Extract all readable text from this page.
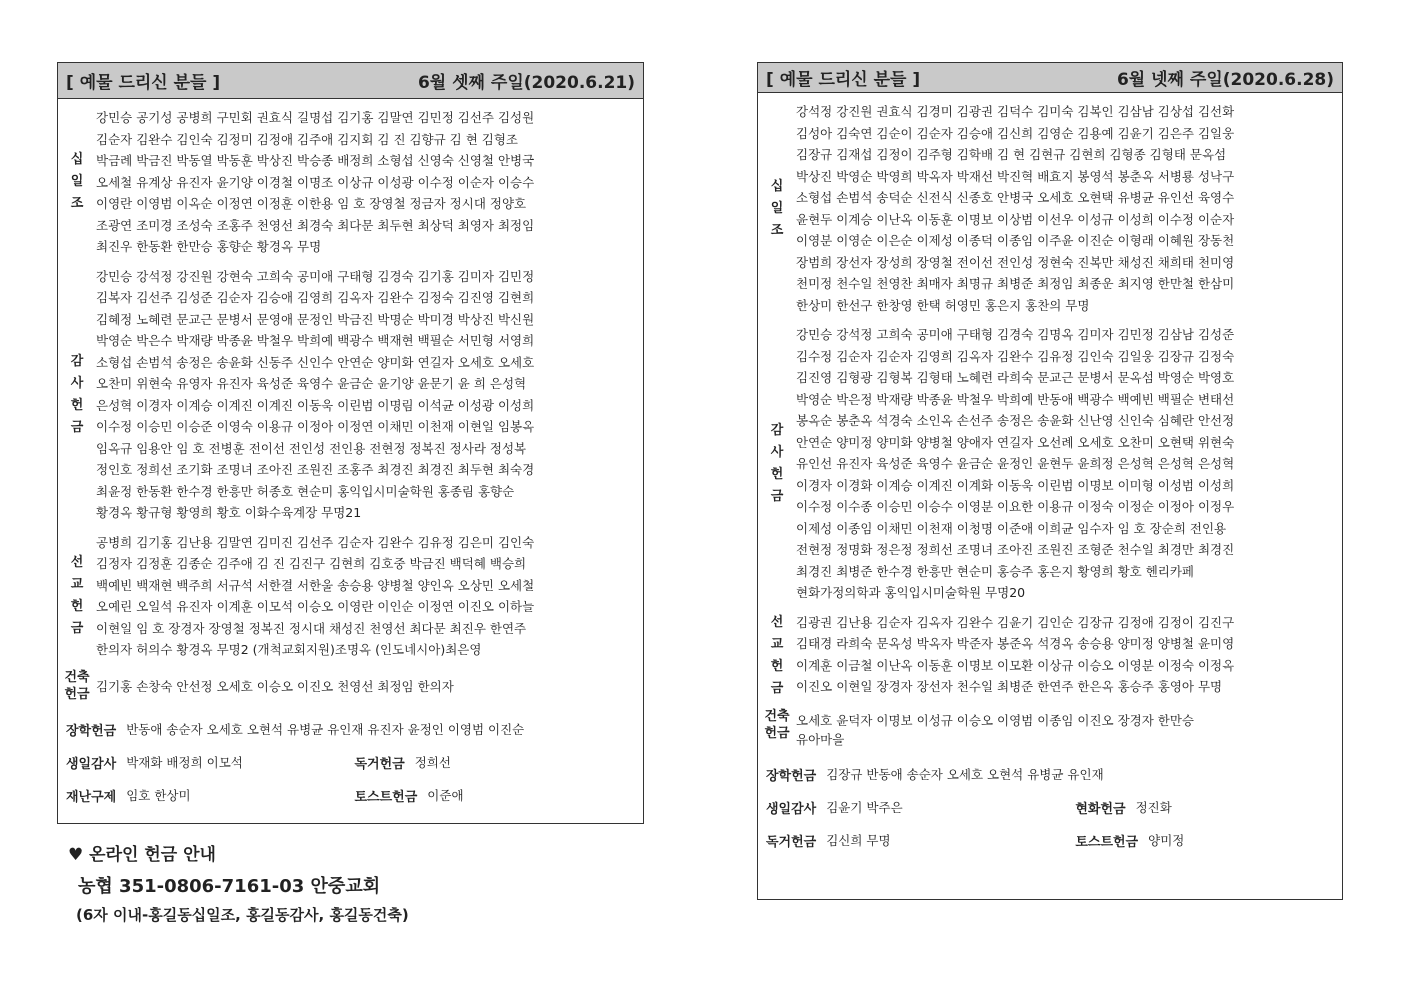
[ 예물 드리신 분들 ]	6월 셋째 주일(2020.6.21)
십
일
조
강민승 공기성 공병희 구민회 권효식 길명섭 김기홍 김말연 김민정 김선주 김성원
김순자 김완수 김인숙 김정미 김정애 김주애 김지회 김 진 김향규 김 현 김형조
박금례 박금진 박동열 박동훈 박상진 박승종 배정희 소형섭 신영숙 신영철 안병국
오세철 유계상 유진자 윤기양 이경철 이명조 이상규 이성광 이수정 이순자 이승수
이영란 이영범 이옥순 이정연 이정훈 이한용 임 호 장영철 정금자 정시대 정양호
조광연 조미경 조성숙 조홍주 천영선 최경숙 최다문 최두현 최상덕 최영자 최정임
최진우 한동환 한만승 홍향순 황경옥 무명
감
사
헌
금
강민승 강석정 강진원 강현숙 고희숙 공미애 구태형 김경숙 김기홍 김미자 김민정
김복자 김선주 김성준 김순자 김승애 김영희 김옥자 김완수 김정숙 김진영 김현희
김혜정 노혜련 문교근 문병서 문영애 문정인 박금진 박명순 박미경 박상진 박신원
박영순 박은수 박재량 박종윤 박철우 박희예 백광수 백재현 백필순 서민형 서영희
소형섭 손범석 송정은 송윤화 신동주 신인수 안연순 양미화 연길자 오세호 오세호
오찬미 위현숙 유영자 유진자 육성준 육영수 윤금순 윤기양 윤문기 윤 희 은성혁
은성혁 이경자 이계승 이계진 이계진 이동욱 이린범 이명림 이석균 이성광 이성희
이수정 이승민 이승준 이영숙 이용규 이정아 이정연 이채민 이천재 이현일 임봉옥
임옥규 임용안 임 호 전병훈 전이선 전인성 전인용 전현정 정복진 정사라 정성복
정인호 정희선 조기화 조명녀 조아진 조원진 조홍주 최경진 최경진 최두현 최숙경
최윤정 한동환 한수경 한흥만 허종호 현순미 홍익입시미술학원 홍종림 홍향순
황경옥 황규형 황영희 황호 이화수육계장 무명21
선
교
헌
금
공병희 김기홍 김난용 김말연 김미진 김선주 김순자 김완수 김유정 김은미 김인숙
김정자 김정훈 김종순 김주애 김 진 김진구 김현희 김호중 박금진 백덕혜 백승희
백예빈 백재현 백주희 서규석 서한결 서한울 송승용 양병철 양인옥 오상민 오세철
오예린 오일석 유진자 이계훈 이모석 이승오 이영란 이인순 이정연 이진오 이하늘
이현일 임 호 장경자 장영철 정복진 정시대 채성진 천영선 최다문 최진우 한연주
한의자 허의수 황경옥 무명2 (개척교회지원)조명옥 (인도네시아)최은영
건축
헌금
김기홍 손창숙 안선정 오세호 이승오 이진오 천영선 최정임 한의자
장학헌금 반동애 송순자 오세호 오현석 유병균 유인재 유진자 윤정인 이영범 이진순
생일감사 박재화 배정희 이모석	독거헌금 정희선
재난구제 임호 한상미	토스트헌금 이준애
♥ 온라인 헌금 안내
농협 351-0806-7161-03 안중교회
(6자 이내-홍길동십일조, 홍길동감사, 홍길동건축)
[ 예물 드리신 분들 ]	6월 넷째 주일(2020.6.28)
십
일
조
강석정 강진원 권효식 김경미 김광권 김덕수 김미숙 김복인 김삼남 김상섭 김선화
김성아 김숙연 김순이 김순자 김승애 김신희 김영순 김용예 김윤기 김은주 김일웅
김장규 김재섭 김정이 김주형 김학배 김 현 김현규 김현희 김형종 김형태 문옥섬
박상진 박영순 박영희 박옥자 박재선 박진혁 배효지 봉영석 봉춘옥 서병룡 성낙구
소형섭 손범석 송덕순 신전식 신종호 안병국 오세호 오현택 유병균 유인선 육영수
윤현두 이계승 이난옥 이동훈 이명보 이상범 이선우 이성규 이성희 이수정 이순자
이영분 이영순 이은순 이제성 이종덕 이종임 이주윤 이진순 이형래 이혜원 장동천
장범희 장선자 장성희 장영철 전이선 전인성 정현숙 진복만 채성진 채희태 천미영
천미정 천수일 천영찬 최매자 최명규 최병준 최정임 최종운 최지영 한만철 한삼미
한상미 한선구 한창영 한택 허영민 홍은지 홍찬의 무명
감
사
헌
금
강민승 강석정 고희숙 공미애 구태형 김경숙 김명옥 김미자 김민정 김삼남 김성준
김수정 김순자 김순자 김영희 김옥자 김완수 김유정 김인숙 김일웅 김장규 김정숙
김진영 김형광 김형복 김형태 노혜련 라희숙 문교근 문병서 문옥섬 박영순 박영호
박영순 박은정 박재량 박종윤 박철우 박희예 반동애 백광수 백예빈 백필순 변태선
봉옥순 봉춘옥 석경숙 소인옥 손선주 송정은 송윤화 신난영 신인숙 심혜란 안선정
안연순 양미정 양미화 양병철 양애자 연길자 오선례 오세호 오찬미 오현택 위현숙
유인선 유진자 육성준 육영수 윤금순 윤정인 윤현두 윤희정 은성혁 은성혁 은성혁
이경자 이경화 이계승 이계진 이계화 이동욱 이린범 이명보 이미형 이성범 이성희
이수정 이수종 이승민 이승수 이영분 이요한 이용규 이정숙 이정순 이정아 이정우
이제성 이종임 이채민 이천재 이청명 이준애 이희균 임수자 임 호 장순희 전인용
전현정 정명화 정은정 정희선 조명녀 조아진 조원진 조형준 천수일 최경만 최경진
최경진 최병준 한수경 한흥만 현순미 홍승주 홍은지 황영희 황호 헨리카페
현화가정의학과 홍익입시미술학원 무명20
선
교
헌
금
김광권 김난용 김순자 김옥자 김완수 김윤기 김인순 김장규 김정애 김정이 김진구
김태경 라희숙 문옥성 박옥자 박준자 봉준옥 석경옥 송승용 양미정 양병철 윤미영
이계훈 이금철 이난옥 이동훈 이명보 이모환 이상규 이승오 이영분 이정숙 이정옥
이진오 이현일 장경자 장선자 천수일 최병준 한연주 한은옥 홍승주 홍영아 무명
건축
헌금
오세호 윤덕자 이명보 이성규 이승오 이영범 이종임 이진오 장경자 한만승
유아마을
장학헌금 김장규 반동애 송순자 오세호 오현석 유병균 유인재
생일감사 김윤기 박주은	현화헌금 정진화
독거헌금 김신희 무명	토스트헌금 양미정
